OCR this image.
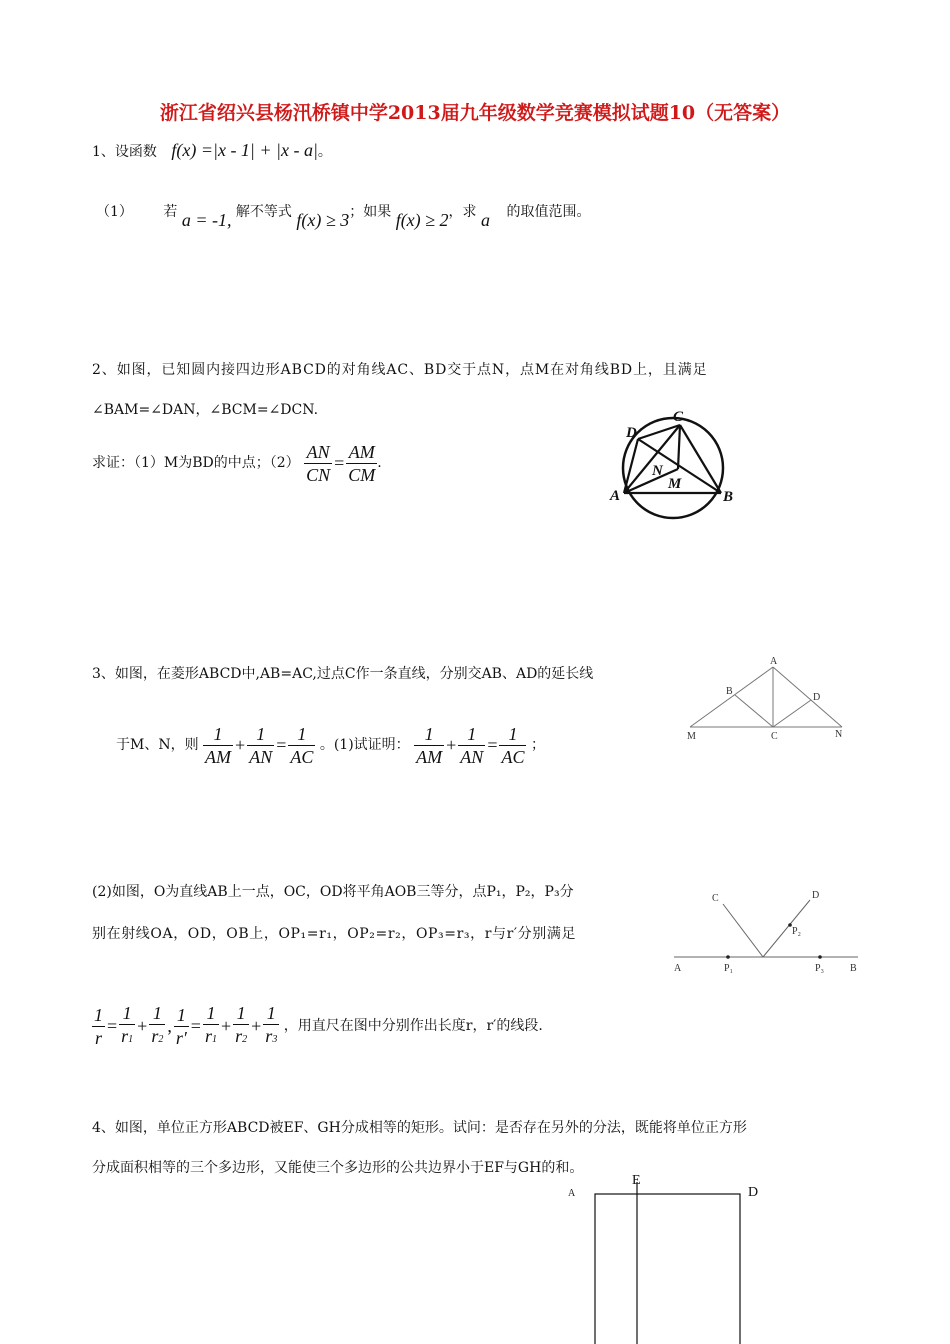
浙江省绍兴县杨汛桥镇中学2013届九年级数学竞赛模拟试题10（无答案）
1、设函数 f(x) =|x - 1| + |x - a|。
（1） 若 a = -1, 解不等式 f(x) ≥ 3；如果 f(x) ≥ 2，求 a 的取值范围。
2、如图，已知圆内接四边形ABCD的对角线AC、BD交于点N，点M在对角线BD上，且满足
∠BAM=∠DAN，∠BCM=∠DCN.
求证：（1）M为BD的中点；$(2) \frac{AN}{CN} = \frac{AM}{CM}$ .
A	B
C
D
M
N
3、如图，在菱形ABCD中,AB=AC,过点C作一条直线，分别交AB、AD的延长线
于M、N，则 $\frac{1}{AM} + \frac{1}{AN} = \frac{1}{AC}$ 。(1)试证明： $\frac{1}{AM} + \frac{1}{AN} = \frac{1}{AC}$ ；
A
B
C
D
M	N
(2)如图，O为直线AB上一点，OC，OD将平角AOB三等分，点P₁，P₂，P₃分
别在射线OA，OD，OB上，OP₁=r₁，OP₂=r₂，OP₃=r₃，r与r′分别满足
$\frac{1}{r} = \frac{1}{r1} + \frac{1}{r2}$ , $\frac{1}{r'} = \frac{1}{r1} + \frac{1}{r2} + \frac{1}{r3}$ ，用直尺在图中分别作出长度r，r′的线段.
A	B
C	D
P₁
P₂
P₃
4、如图，单位正方形ABCD被EF、GH分成相等的矩形。试问：是否存在另外的分法，既能将单位正方形
分成面积相等的三个多边形，又能使三个多边形的公共边界小于EF与GH的和。
A
E
D
